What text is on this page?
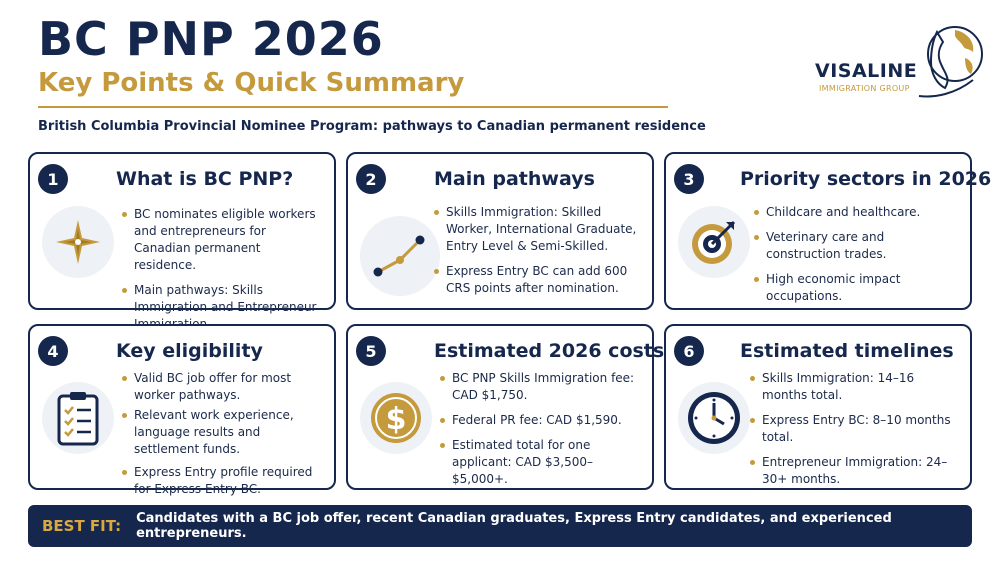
BC PNP 2026
Key Points & Quick Summary
British Columbia Provincial Nominee Program: pathways to Canadian permanent residence
VISALINE
IMMIGRATION GROUP
1	What is BC PNP?
BC nominates eligible workers and entrepreneurs for Canadian permanent residence.
Main pathways: Skills Immigration and Entrepreneur
2	Main pathways
Skills Immigration: Skilled Worker, International Graduate, Entry Level & Semi-Skilled.
Express Entry BC can add 600 CRS points after nomination.
3	Priority sectors in 2026
Childcare and healthcare.
Veterinary care and construction trades.
High economic impact occupations.
4	Key eligibility
Valid BC job offer for most worker pathways.
Relevant work experience, language results and settlement funds.
Express Entry profile required for Express Entry BC.
5	Estimated 2026 costs
$
BC PNP Skills Immigration fee: CAD $1,750.
Federal PR fee: CAD $1,590.
Estimated total for one applicant: CAD $3,500–$5,000+.
6	Estimated timelines
Skills Immigration: 14–16 months total.
Express Entry BC: 8–10 months total.
Entrepreneur Immigration: 24–30+ months.
BEST FIT:	Candidates with a BC job offer, recent Canadian graduates, Express Entry candidates, and experienced entrepreneurs.
